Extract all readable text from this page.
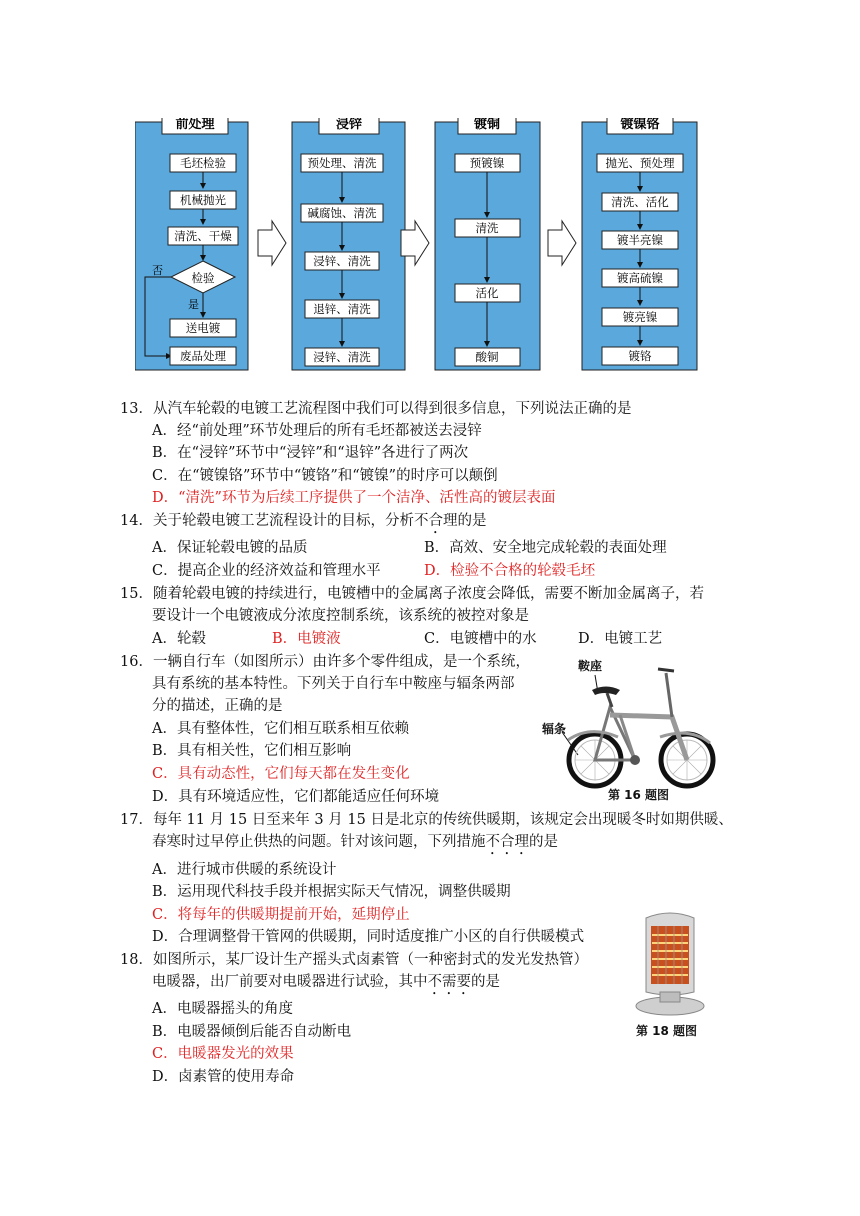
前处理
毛坯检验
机械抛光
清洗、干燥
检验
否
是
送电镀
废品处理
浸锌
预处理、清洗
碱腐蚀、清洗
浸锌、清洗
退锌、清洗
浸锌、清洗
镀铜
预镀镍
清洗
活化
酸铜
镀镍铬
抛光、预处理
清洗、活化
镀半亮镍
镀高硫镍
镀亮镍
镀铬
13．从汽车轮毂的电镀工艺流程图中我们可以得到很多信息，下列说法正确的是
A．经“前处理”环节处理后的所有毛坯都被送去浸锌
B．在“浸锌”环节中“浸锌”和“退锌”各进行了两次
C．在“镀镍铬”环节中“镀铬”和“镀镍”的时序可以颠倒
D．“清洗”环节为后续工序提供了一个洁净、活性高的镀层表面
14．关于轮毂电镀工艺流程设计的目标，分析不合理的是
A．保证轮毂电镀的品质	B．高效、安全地完成轮毂的表面处理
C．提高企业的经济效益和管理水平	D．检验不合格的轮毂毛坯
15．随着轮毂电镀的持续进行，电镀槽中的金属离子浓度会降低，需要不断加金属离子，若
要设计一个电镀液成分浓度控制系统，该系统的被控对象是
A．轮毂	B．电镀液	C．电镀槽中的水	D．电镀工艺
16．一辆自行车（如图所示）由许多个零件组成，是一个系统，
具有系统的基本特性。下列关于自行车中鞍座与辐条两部
分的描述，正确的是
A．具有整体性，它们相互联系相互依赖
B．具有相关性，它们相互影响
C．具有动态性，它们每天都在发生变化
D．具有环境适应性，它们都能适应任何环境
鞍座
辐条
第 16 题图
17．每年 11 月 15 日至来年 3 月 15 日是北京的传统供暖期，该规定会出现暖冬时如期供暖、
春寒时过早停止供热的问题。针对该问题，下列措施不合理的是
A．进行城市供暖的系统设计
B．运用现代科技手段并根据实际天气情况，调整供暖期
C．将每年的供暖期提前开始，延期停止
D．合理调整骨干管网的供暖期，同时适度推广小区的自行供暖模式
18．如图所示，某厂设计生产摇头式卤素管（一种密封式的发光发热管）
电暖器，出厂前要对电暖器进行试验，其中不需要的是
A．电暖器摇头的角度
B．电暖器倾倒后能否自动断电
C．电暖器发光的效果
D．卤素管的使用寿命
第 18 题图
